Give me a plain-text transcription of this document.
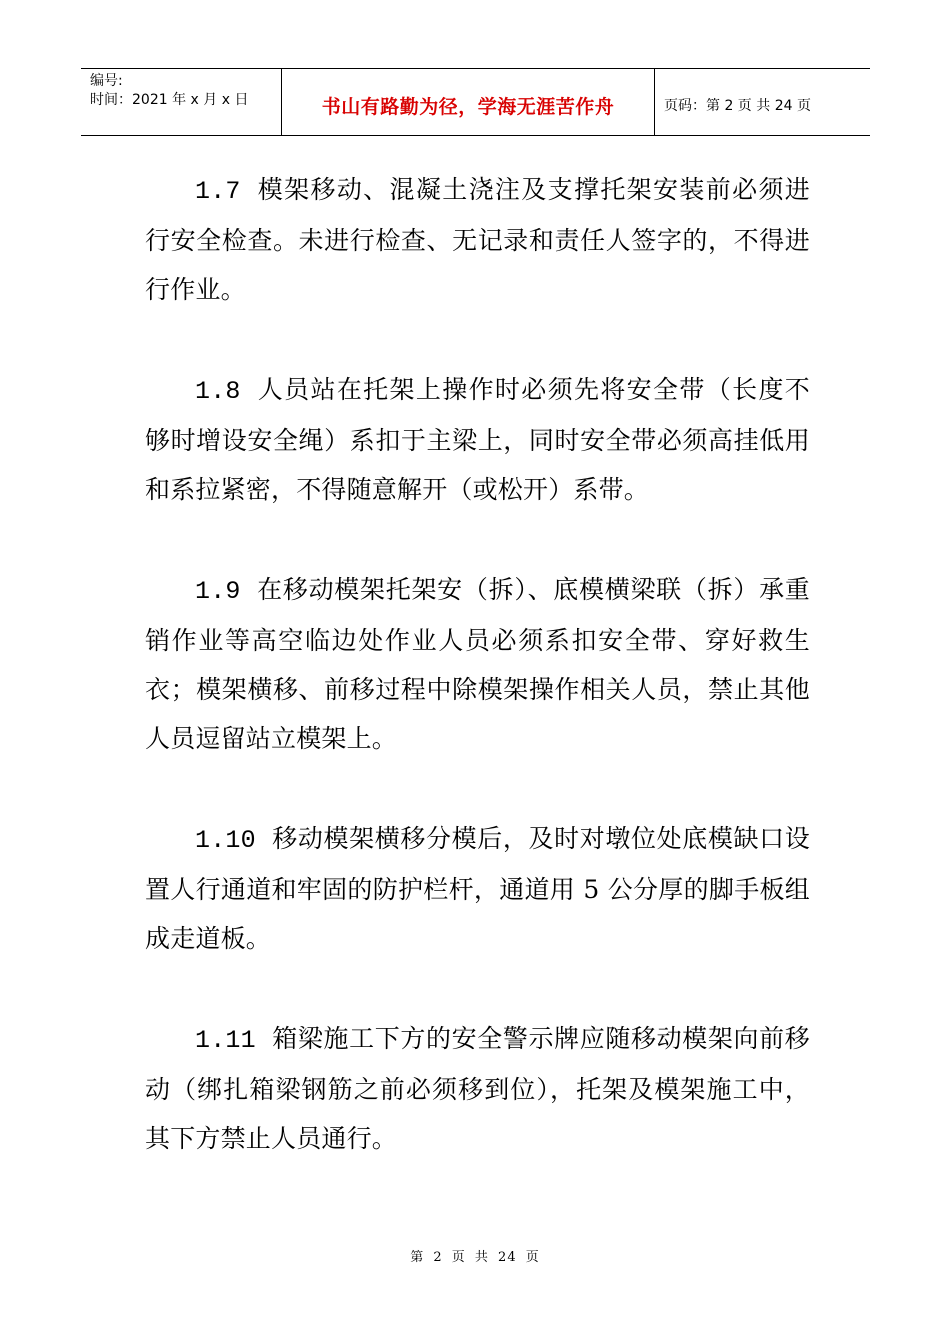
编号:
时间：2021 年 x 月 x 日	书山有路勤为径，学海无涯苦作舟	页码：第 2 页 共 24 页

1.7 模架移动、混凝土浇注及支撑托架安装前必须进行安全检查。未进行检查、无记录和责任人签字的，不得进行作业。

1.8 人员站在托架上操作时必须先将安全带（长度不够时增设安全绳）系扣于主梁上，同时安全带必须高挂低用和系拉紧密，不得随意解开（或松开）系带。

1.9 在移动模架托架安（拆）、底模横梁联（拆）承重销作业等高空临边处作业人员必须系扣安全带、穿好救生衣；模架横移、前移过程中除模架操作相关人员，禁止其他人员逗留站立模架上。

1.10 移动模架横移分模后，及时对墩位处底模缺口设置人行通道和牢固的防护栏杆，通道用 5 公分厚的脚手板组成走道板。

1.11 箱梁施工下方的安全警示牌应随移动模架向前移动（绑扎箱梁钢筋之前必须移到位），托架及模架施工中，其下方禁止人员通行。

第 2 页 共 24 页
